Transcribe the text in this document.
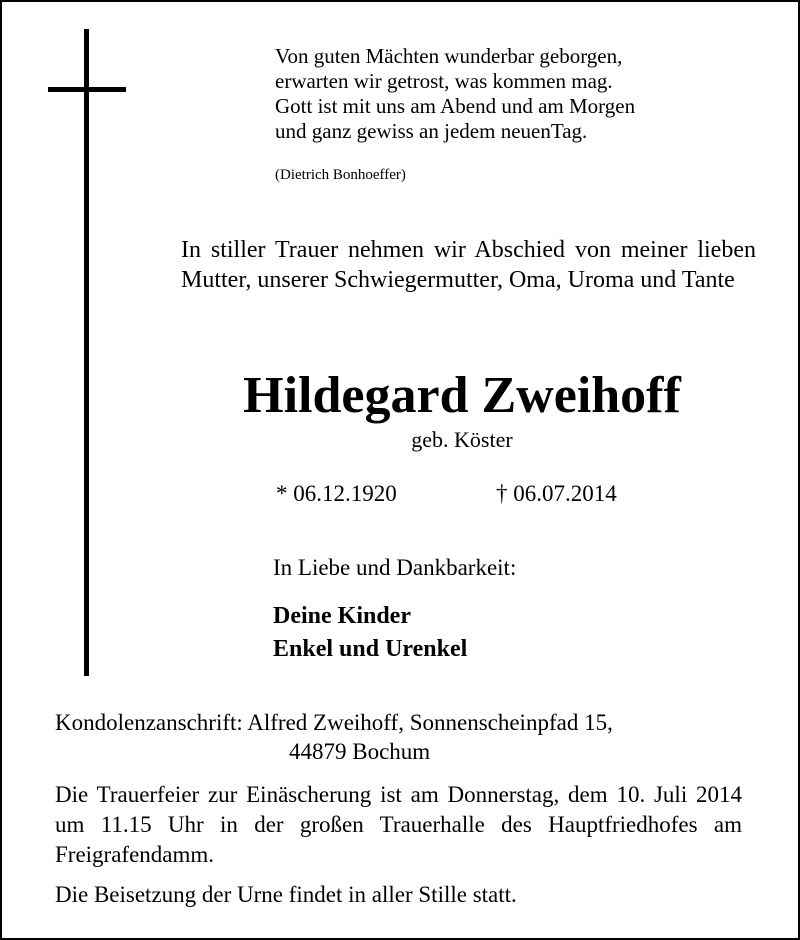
Von guten Mächten wunderbar geborgen,
erwarten wir getrost, was kommen mag.
Gott ist mit uns am Abend und am Morgen
und ganz gewiss an jedem neuenTag.
(Dietrich Bonhoeffer)
In stiller Trauer nehmen wir Abschied von meiner lieben Mutter, unserer Schwiegermutter, Oma, Uroma und Tante
Hildegard Zweihoff
geb. Köster
* 06.12.1920	† 06.07.2014
In Liebe und Dankbarkeit:
Deine Kinder
Enkel und Urenkel
Kondolenzanschrift: Alfred Zweihoff, Sonnenscheinpfad 15,
44879 Bochum
Die Trauerfeier zur Einäscherung ist am Donnerstag, dem 10. Juli 2014 um 11.15 Uhr in der großen Trauerhalle des Hauptfriedhofes am Freigrafendamm.
Die Beisetzung der Urne findet in aller Stille statt.
